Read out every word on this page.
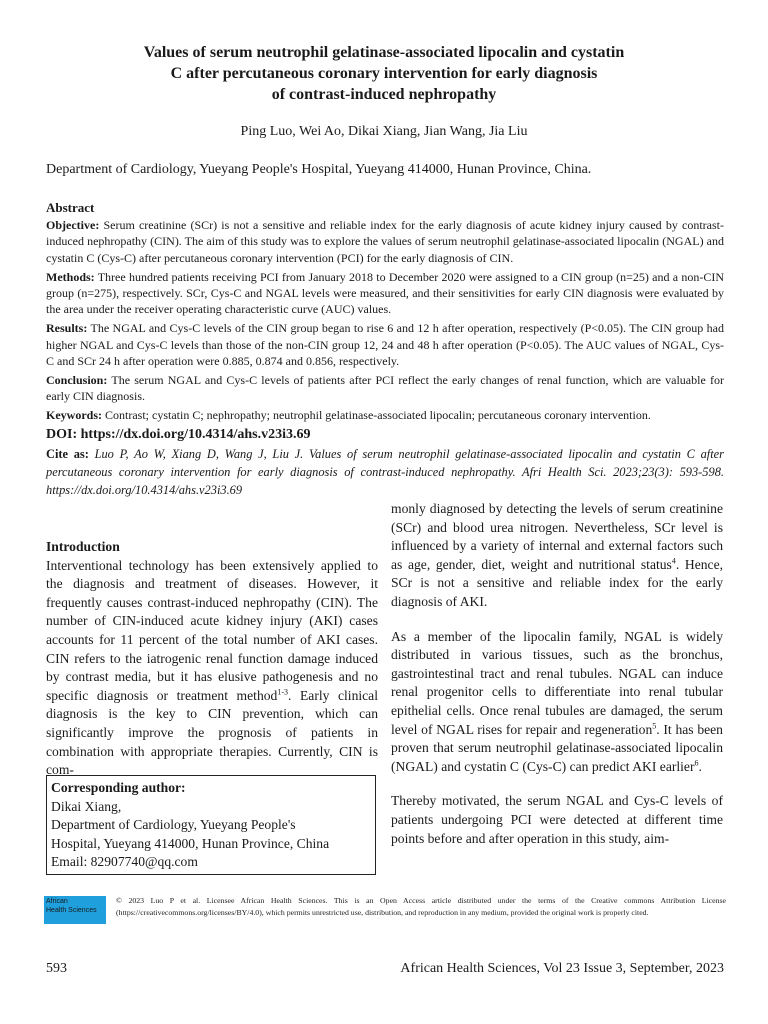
Values of serum neutrophil gelatinase-associated lipocalin and cystatin
C after percutaneous coronary intervention for early diagnosis
of contrast-induced nephropathy
Ping Luo, Wei Ao, Dikai Xiang, Jian Wang, Jia Liu
Department of Cardiology, Yueyang People's Hospital, Yueyang 414000, Hunan Province, China.

Abstract

Objective: Serum creatinine (SCr) is not a sensitive and reliable index for the early diagnosis of acute kidney injury caused by contrast-induced nephropathy (CIN). The aim of this study was to explore the values of serum neutrophil gelatinase-associated lipocalin (NGAL) and cystatin C (Cys-C) after percutaneous coronary intervention (PCI) for the early diagnosis of CIN.

Methods: Three hundred patients receiving PCI from January 2018 to December 2020 were assigned to a CIN group (n=25) and a non-CIN group (n=275), respectively. SCr, Cys-C and NGAL levels were measured, and their sensitivities for early CIN diagnosis were evaluated by the area under the receiver operating characteristic curve (AUC) values.

Results: The NGAL and Cys-C levels of the CIN group began to rise 6 and 12 h after operation, respectively (P<0.05). The CIN group had higher NGAL and Cys-C levels than those of the non-CIN group 12, 24 and 48 h after operation (P<0.05). The AUC values of NGAL, Cys-C and SCr 24 h after operation were 0.885, 0.874 and 0.856, respectively.

Conclusion: The serum NGAL and Cys-C levels of patients after PCI reflect the early changes of renal function, which are valuable for early CIN diagnosis.

Keywords: Contrast; cystatin C; nephropathy; neutrophil gelatinase-associated lipocalin; percutaneous coronary intervention.

DOI: https://dx.doi.org/10.4314/ahs.v23i3.69

Cite as: Luo P, Ao W, Xiang D, Wang J, Liu J. Values of serum neutrophil gelatinase-associated lipocalin and cystatin C after percutaneous coronary intervention for early diagnosis of contrast-induced nephropathy. Afri Health Sci. 2023;23(3): 593-598. https://dx.doi.org/10.4314/ahs.v23i3.69

Introduction

Interventional technology has been extensively applied to the diagnosis and treatment of diseases. However, it frequently causes contrast-induced nephropathy (CIN). The number of CIN-induced acute kidney injury (AKI) cases accounts for 11 percent of the total number of AKI cases. CIN refers to the iatrogenic renal function damage induced by contrast media, but it has elusive pathogenesis and no specific diagnosis or treatment method$^{1-3}$. Early clinical diagnosis is the key to CIN prevention, which can significantly improve the prognosis of patients in combination with appropriate therapies. Currently, CIN is com-

monly diagnosed by detecting the levels of serum creatinine (SCr) and blood urea nitrogen. Nevertheless, SCr level is influenced by a variety of internal and external factors such as age, gender, diet, weight and nutritional status$^4$. Hence, SCr is not a sensitive and reliable index for the early diagnosis of AKI.

As a member of the lipocalin family, NGAL is widely distributed in various tissues, such as the bronchus, gastrointestinal tract and renal tubules. NGAL can induce renal progenitor cells to differentiate into renal tubular epithelial cells. Once renal tubules are damaged, the serum level of NGAL rises for repair and regeneration$^5$. It has been proven that serum neutrophil gelatinase-associated lipocalin (NGAL) and cystatin C (Cys-C) can predict AKI earlier$^6$.

Thereby motivated, the serum NGAL and Cys-C levels of patients undergoing PCI were detected at different time points before and after operation in this study, aim-

Corresponding author:
Dikai Xiang,
Department of Cardiology, Yueyang People's
Hospital, Yueyang 414000, Hunan Province, China
Email: 82907740@qq.com
African
Health Sciences
© 2023 Luo P et al. Licensee African Health Sciences. This is an Open Access article distributed under the terms of the Creative commons Attribution License (https://creativecommons.org/licenses/BY/4.0), which permits unrestricted use, distribution, and reproduction in any medium, provided the original work is properly cited.
593	African Health Sciences, Vol 23 Issue 3, September, 2023
